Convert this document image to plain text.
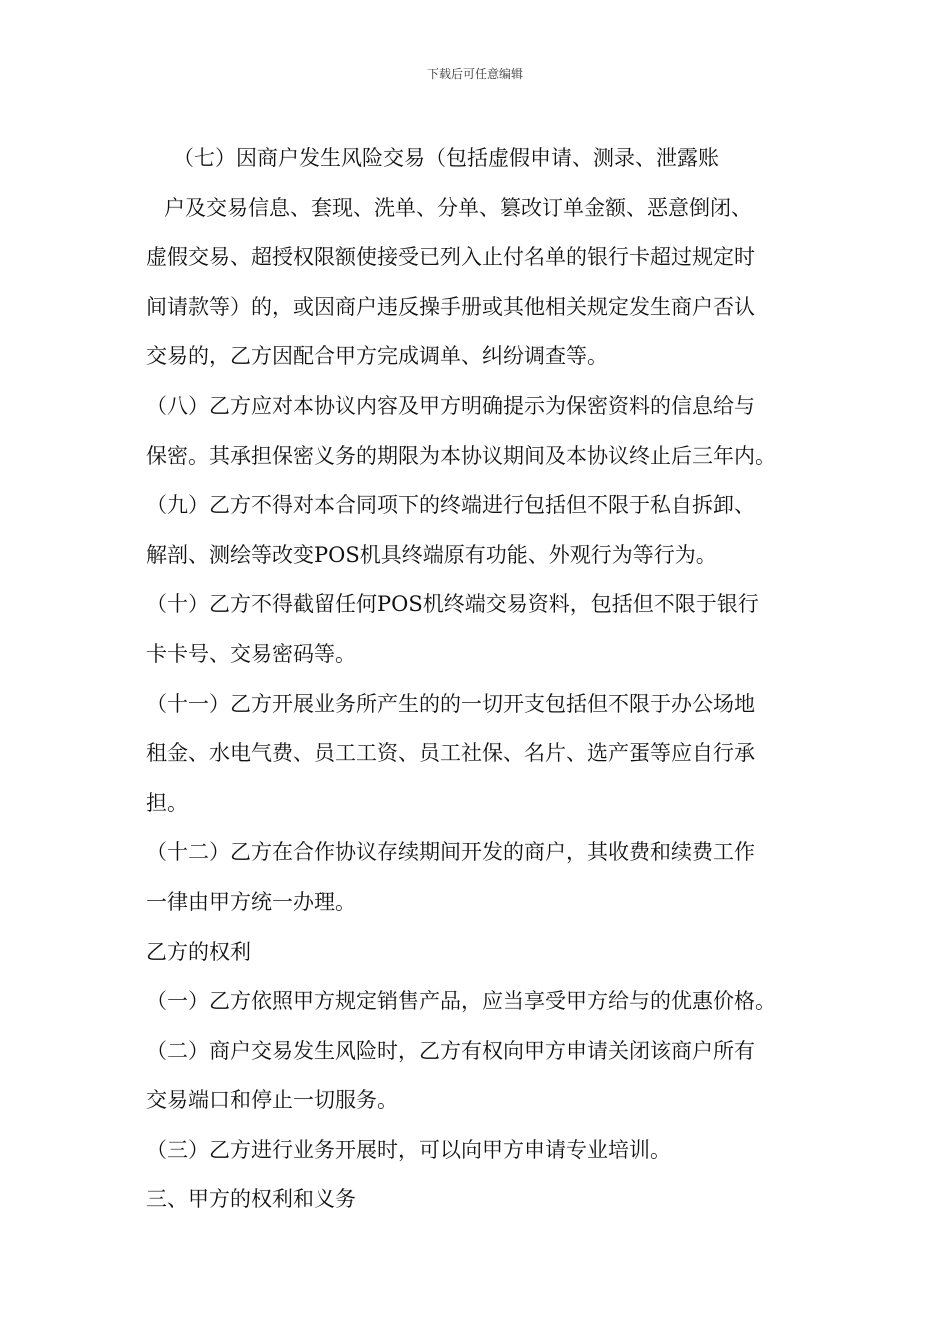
下载后可任意编辑

（七）因商户发生风险交易（包括虚假申请、测录、泄露账

户及交易信息、套现、洗单、分单、篡改订单金额、恶意倒闭、

虚假交易、超授权限额使接受已列入止付名单的银行卡超过规定时

间请款等）的，或因商户违反操手册或其他相关规定发生商户否认

交易的，乙方因配合甲方完成调单、纠纷调查等。

（八）乙方应对本协议内容及甲方明确提示为保密资料的信息给与

保密。其承担保密义务的期限为本协议期间及本协议终止后三年内。

（九）乙方不得对本合同项下的终端进行包括但不限于私自拆卸、

解剖、测绘等改变POS机具终端原有功能、外观行为等行为。

（十）乙方不得截留任何POS机终端交易资料，包括但不限于银行

卡卡号、交易密码等。

（十一）乙方开展业务所产生的的一切开支包括但不限于办公场地

租金、水电气费、员工工资、员工社保、名片、选产蛋等应自行承

担。

（十二）乙方在合作协议存续期间开发的商户，其收费和续费工作

一律由甲方统一办理。

乙方的权利

（一）乙方依照甲方规定销售产品，应当享受甲方给与的优惠价格。

（二）商户交易发生风险时，乙方有权向甲方申请关闭该商户所有

交易端口和停止一切服务。

（三）乙方进行业务开展时，可以向甲方申请专业培训。

三、甲方的权利和义务
